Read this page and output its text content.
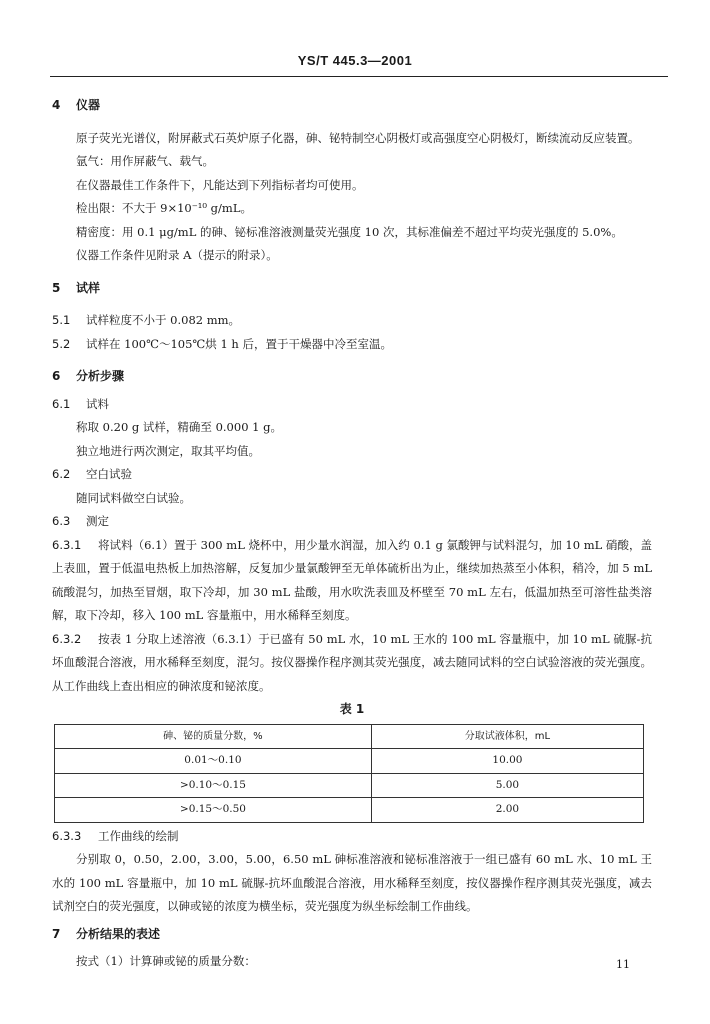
YS/T 445.3—2001
4 仪器

原子荧光光谱仪，附屏蔽式石英炉原子化器，砷、铋特制空心阴极灯或高强度空心阴极灯，断续流动反应装置。

氩气：用作屏蔽气、载气。

在仪器最佳工作条件下，凡能达到下列指标者均可使用。

检出限：不大于 9×10⁻¹⁰ g/mL。

精密度：用 0.1 μg/mL 的砷、铋标准溶液测量荧光强度 10 次，其标准偏差不超过平均荧光强度的 5.0%。

仪器工作条件见附录 A（提示的附录）。

5 试样

5.1 试样粒度不小于 0.082 mm。

5.2 试样在 100℃～105℃烘 1 h 后，置于干燥器中冷至室温。

6 分析步骤
6.1 试料

称取 0.20 g 试样，精确至 0.000 1 g。

独立地进行两次测定，取其平均值。

6.2 空白试验

随同试料做空白试验。

6.3 测定

6.3.1 将试料（6.1）置于 300 mL 烧杯中，用少量水润湿，加入约 0.1 g 氯酸钾与试料混匀，加 10 mL 硝酸，盖上表皿，置于低温电热板上加热溶解，反复加少量氯酸钾至无单体硫析出为止，继续加热蒸至小体积，稍冷，加 5 mL 硫酸混匀，加热至冒烟，取下冷却，加 30 mL 盐酸，用水吹洗表皿及杯壁至 70 mL 左右，低温加热至可溶性盐类溶解，取下冷却，移入 100 mL 容量瓶中，用水稀释至刻度。

6.3.2 按表 1 分取上述溶液（6.3.1）于已盛有 50 mL 水，10 mL 王水的 100 mL 容量瓶中，加 10 mL 硫脲-抗坏血酸混合溶液，用水稀释至刻度，混匀。按仪器操作程序测其荧光强度，减去随同试料的空白试验溶液的荧光强度。从工作曲线上查出相应的砷浓度和铋浓度。

表 1
砷、铋的质量分数，%	分取试液体积，mL
0.01～0.10	10.00
>0.10～0.15	5.00
>0.15～0.50	2.00
6.3.3 工作曲线的绘制

分别取 0，0.50，2.00，3.00，5.00，6.50 mL 砷标准溶液和铋标准溶液于一组已盛有 60 mL 水、10 mL 王水的 100 mL 容量瓶中，加 10 mL 硫脲-抗坏血酸混合溶液，用水稀释至刻度，按仪器操作程序测其荧光强度，减去试剂空白的荧光强度，以砷或铋的浓度为横坐标，荧光强度为纵坐标绘制工作曲线。

7 分析结果的表述

按式（1）计算砷或铋的质量分数：	11
